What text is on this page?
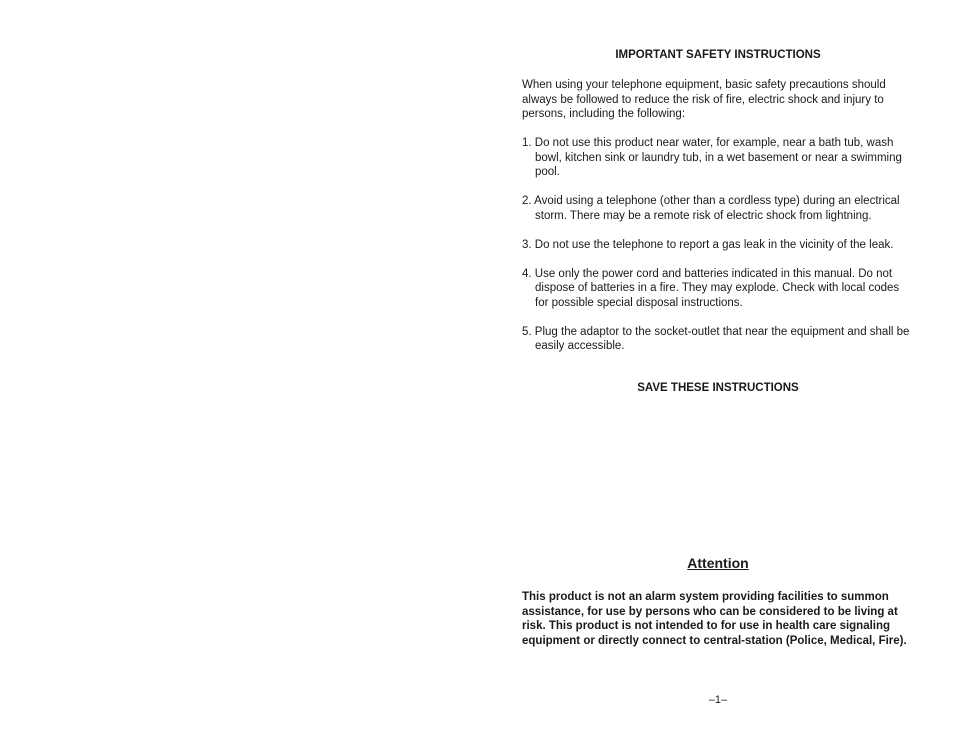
IMPORTANT SAFETY INSTRUCTIONS

When using your telephone equipment, basic safety precautions should always be followed to reduce the risk of fire, electric shock and injury to persons, including the following:

1. Do not use this product near water, for example, near a bath tub, wash bowl, kitchen sink or laundry tub, in a wet basement or near a swimming pool.
2. Avoid using a telephone (other than a cordless type) during an electrical storm. There may be a remote risk of electric shock from lightning.
3. Do not use the telephone to report a gas leak in the vicinity of the leak.
4. Use only the power cord and batteries indicated in this manual. Do not dispose of batteries in a fire. They may explode. Check with local codes for possible special disposal instructions.
5. Plug the adaptor to the socket-outlet that near the equipment and shall be easily accessible.
SAVE THESE INSTRUCTIONS
Attention

This product is not an alarm system providing facilities to summon assistance, for use by persons who can be considered to be living at risk. This product is not intended to for use in health care signaling equipment or directly connect to central-station (Police, Medical, Fire).

–1–
